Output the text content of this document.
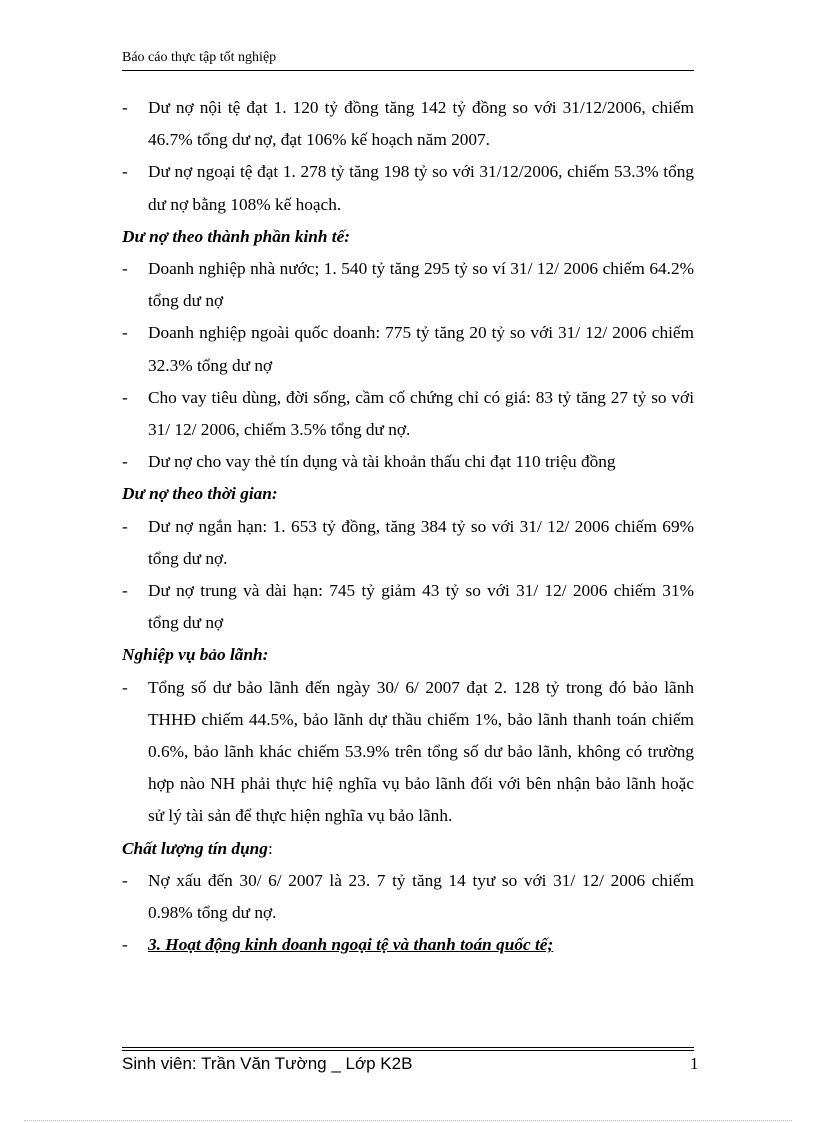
Báo cáo thực tập tốt nghiệp
- Dư nợ nội tệ đạt 1. 120 tỷ đồng tăng 142 tỷ đồng so với 31/12/2006, chiếm 46.7% tổng dư nợ, đạt 106% kế hoạch năm 2007.
- Dư nợ ngoại tệ đạt 1. 278 tỷ tăng 198 tỷ so với 31/12/2006, chiếm 53.3% tổng dư nợ bằng 108% kế hoạch.
Dư nợ theo thành phần kinh tế:
- Doanh nghiệp nhà nước; 1. 540 tỷ tăng 295 tỷ so ví 31/ 12/ 2006 chiếm 64.2% tổng dư nợ
- Doanh nghiệp ngoài quốc doanh: 775 tỷ tăng 20 tỷ so với 31/ 12/ 2006 chiếm 32.3% tổng dư nợ
- Cho vay tiêu dùng, đời sống, cầm cố chứng chỉ có giá: 83 tỷ tăng 27 tỷ so với 31/ 12/ 2006, chiếm 3.5% tổng dư nợ.
- Dư nợ cho vay thẻ tín dụng và tài khoản thấu chi đạt 110 triệu đồng
Dư nợ theo thời gian:
- Dư nợ ngắn hạn: 1. 653 tỷ đồng, tăng 384 tỷ so với 31/ 12/ 2006 chiếm 69% tổng dư nợ.
- Dư nợ trung và dài hạn: 745 tỷ giảm 43 tỷ so với 31/ 12/ 2006 chiếm 31% tổng dư nợ
Nghiệp vụ bảo lãnh:
- Tổng số dư bảo lãnh đến ngày 30/ 6/ 2007 đạt 2. 128 tỷ trong đó bảo lãnh THHĐ chiếm 44.5%, bảo lãnh dự thầu chiếm 1%, bảo lãnh thanh toán chiếm 0.6%, bảo lãnh khác chiếm 53.9% trên tổng số dư bảo lãnh, không có trường hợp nào NH phải thực hiệ nghĩa vụ bảo lãnh đối với bên nhận bảo lãnh hoặc sử lý tài sản để thực hiện nghĩa vụ bảo lãnh.
Chất lượng tín dụng:
- Nợ xấu đến 30/ 6/ 2007 là 23. 7 tỷ tăng 14 tyư so với 31/ 12/ 2006 chiếm 0.98% tổng dư nợ.
- 3. Hoạt động kinh doanh ngoại tệ và thanh toán quốc tế;
Sinh viên: Trần Văn Tường _ Lớp K2B	1
